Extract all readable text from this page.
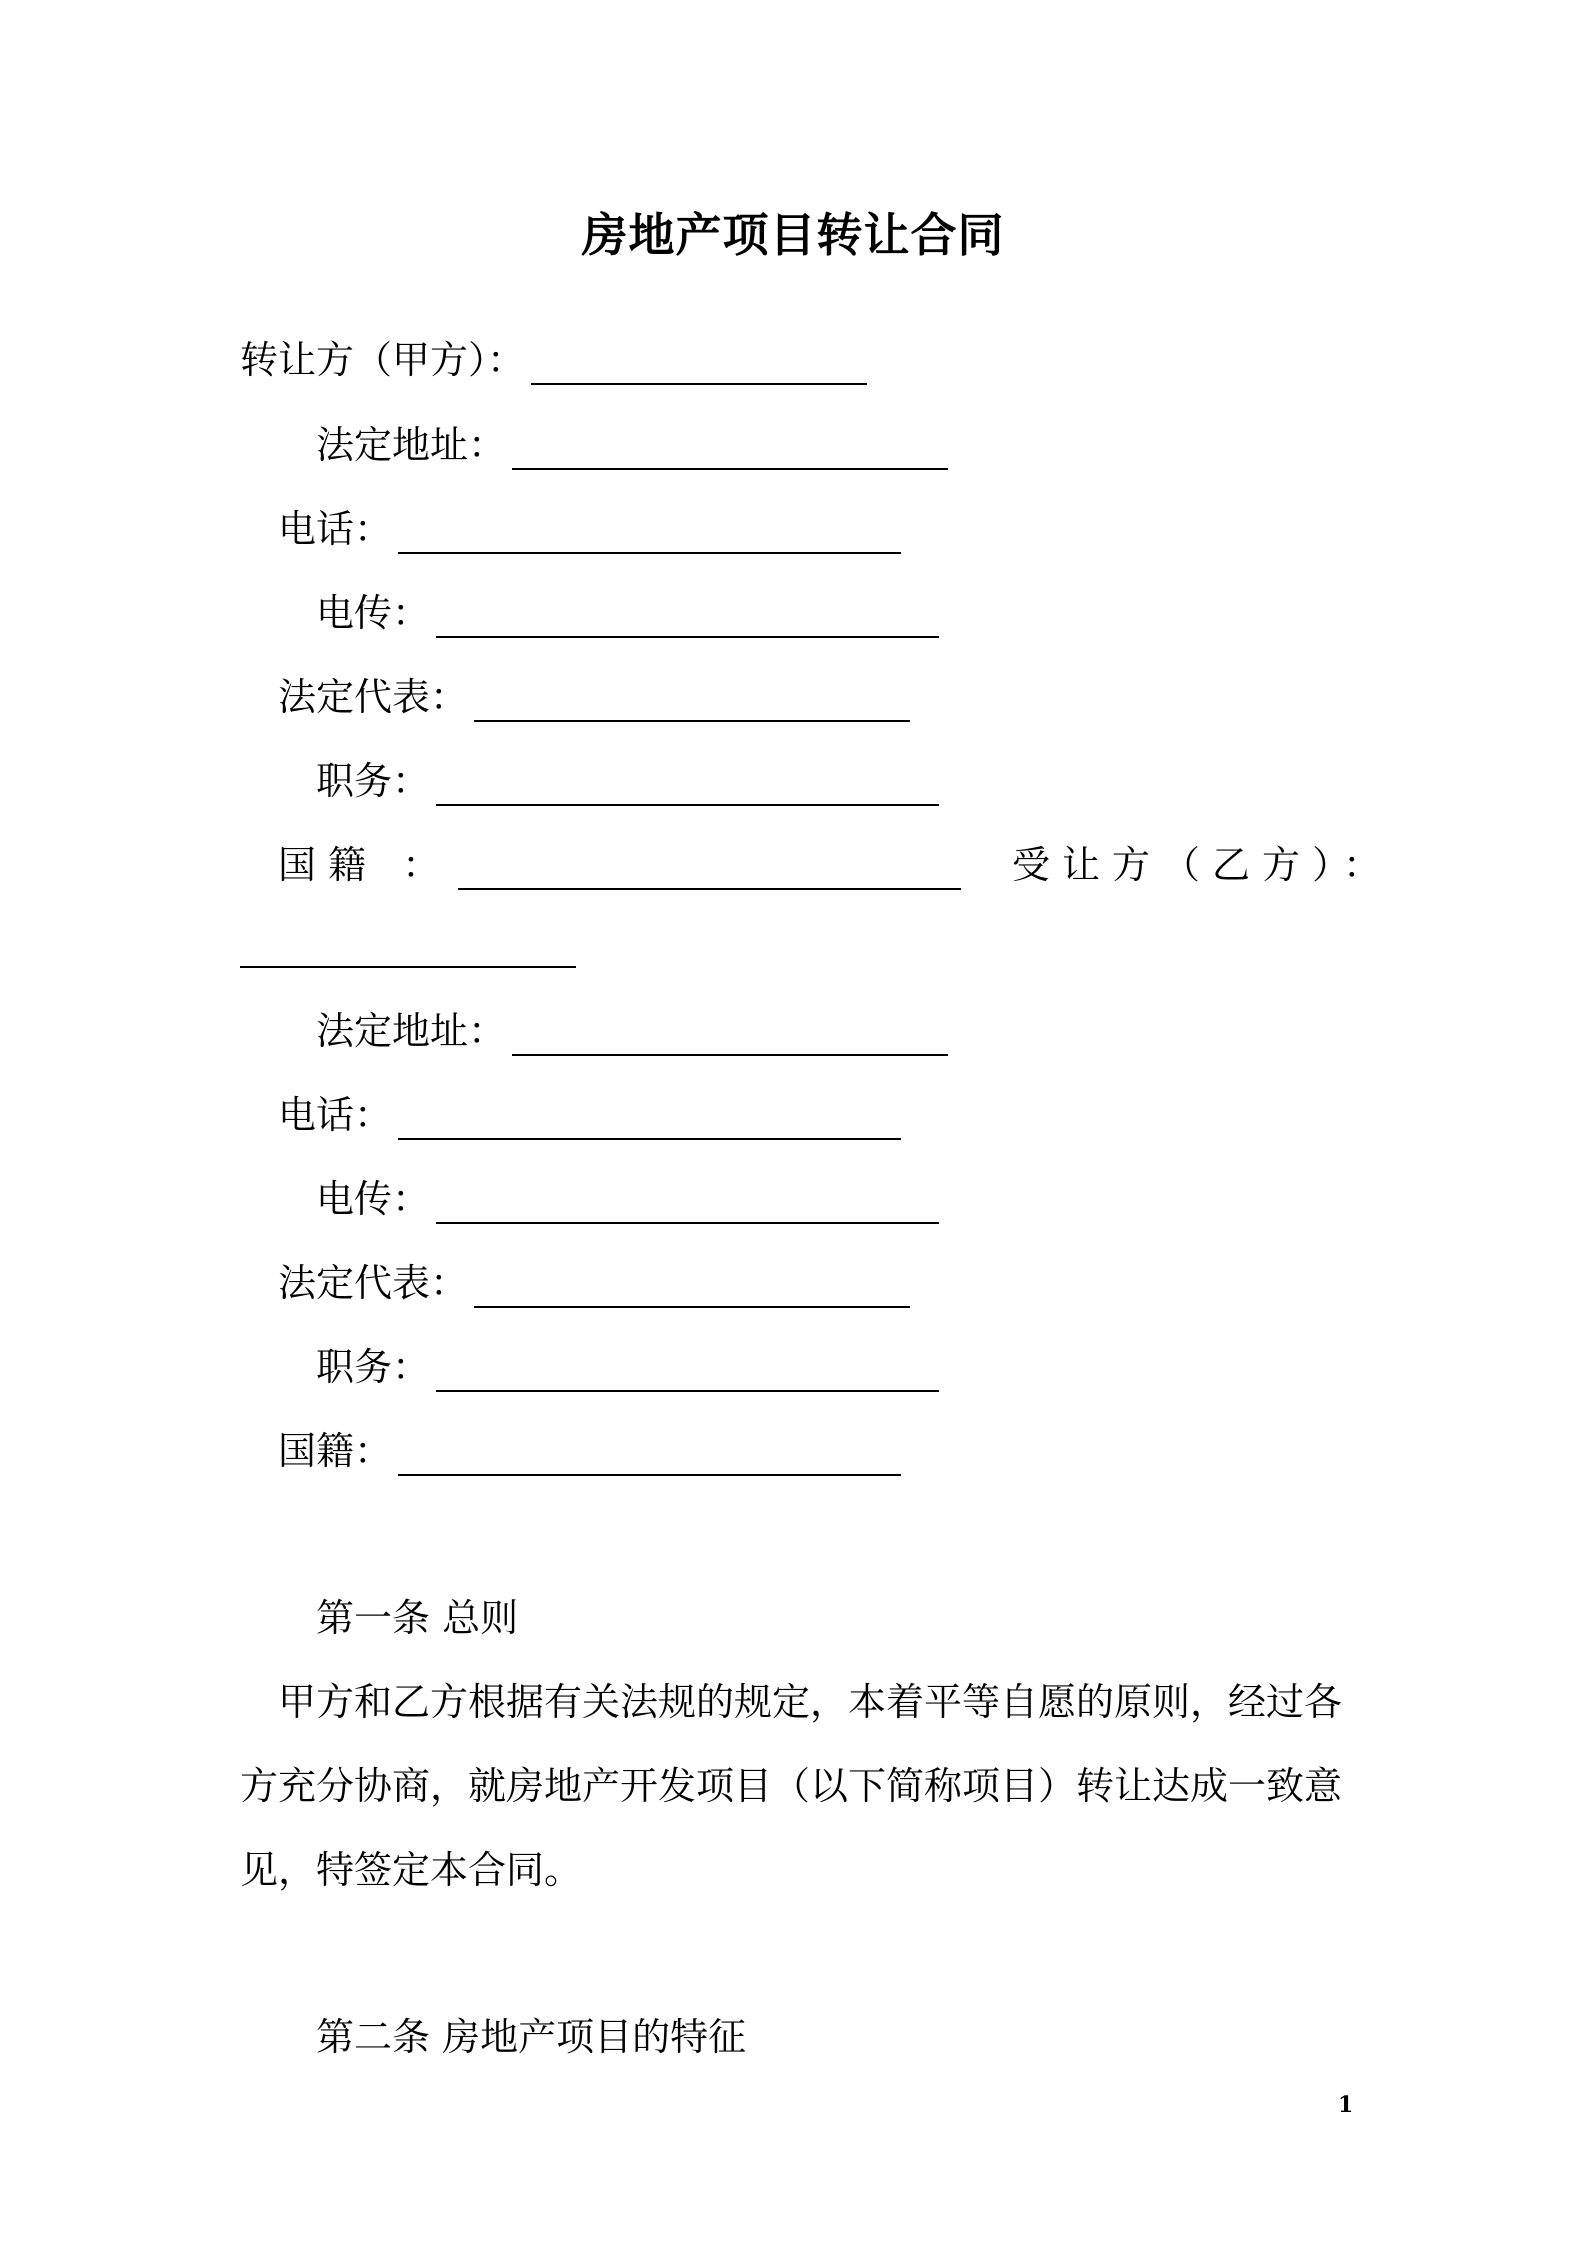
房地产项目转让合同
转让方（甲方）：
法定地址：
电话：
电传：
法定代表：
职务：
国籍 ：	受让方（乙方）：
法定地址：
电话：
电传：
法定代表：
职务：
国籍：
第一条 总则
甲方和乙方根据有关法规的规定，本着平等自愿的原则，经过各方充分协商，就房地产开发项目（以下简称项目）转让达成一致意见，特签定本合同。
第二条 房地产项目的特征
1
